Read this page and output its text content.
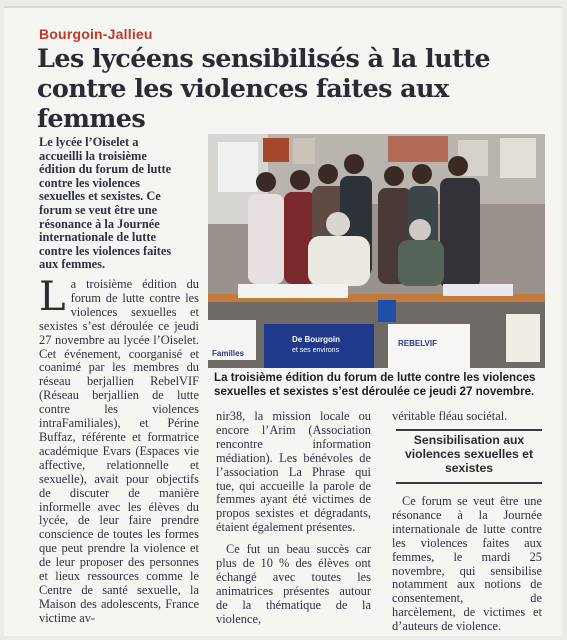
Bourgoin-Jallieu
Les lycéens sensibilisés à la lutte
contre les violences faites aux femmes
Le lycée l’Oiselet a accueilli la troisième édition du forum de lutte contre les violences sexuelles et sexistes. Ce forum se veut être une résonance à la Journée internationale de lutte contre les violences faites aux femmes.
L a troisième édition du forum de lutte contre les violences sexuelles et sexistes s’est déroulée ce jeudi 27 novembre au lycée l’Oiselet. Cet événement, coorganisé et coanimé par les membres du réseau berjallien RebelVIF (Réseau berjallien de lutte contre les violences intraFamiliales), et Périne Buffaz, référente et formatrice académique Evars (Espaces vie affective, relationnelle et sexuelle), avait pour objectifs de discuter de manière informelle avec les élèves du lycée, de leur faire prendre conscience de toutes les formes que peut prendre la violence et de leur proposer des personnes et lieux ressources comme le Centre de santé sexuelle, la Maison des adolescents, France victime av-
Familles
De Bourgoin
et ses environs
REBELVIF
La troisième édition du forum de lutte contre les violences sexuelles et sexistes s’est déroulée ce jeudi 27 novembre.

nir38, la mission locale ou encore l’Arim (Association rencontre information médiation). Les bénévoles de l’association La Phrase qui tue, qui accueille la parole de femmes ayant été victimes de propos sexistes et dégradants, étaient également présentes.

Ce fut un beau succès car plus de 10 % des élèves ont échangé avec toutes les animatrices présentes autour de la thématique de la violence,

véritable fléau sociétal.

Sensibilisation aux violences sexuelles et sexistes

Ce forum se veut être une résonance à la Journée internationale de lutte contre les violences faites aux femmes, le mardi 25 novembre, qui sensibilise notamment aux notions de consentement, de harcèlement, de victimes et d’auteurs de violence.
